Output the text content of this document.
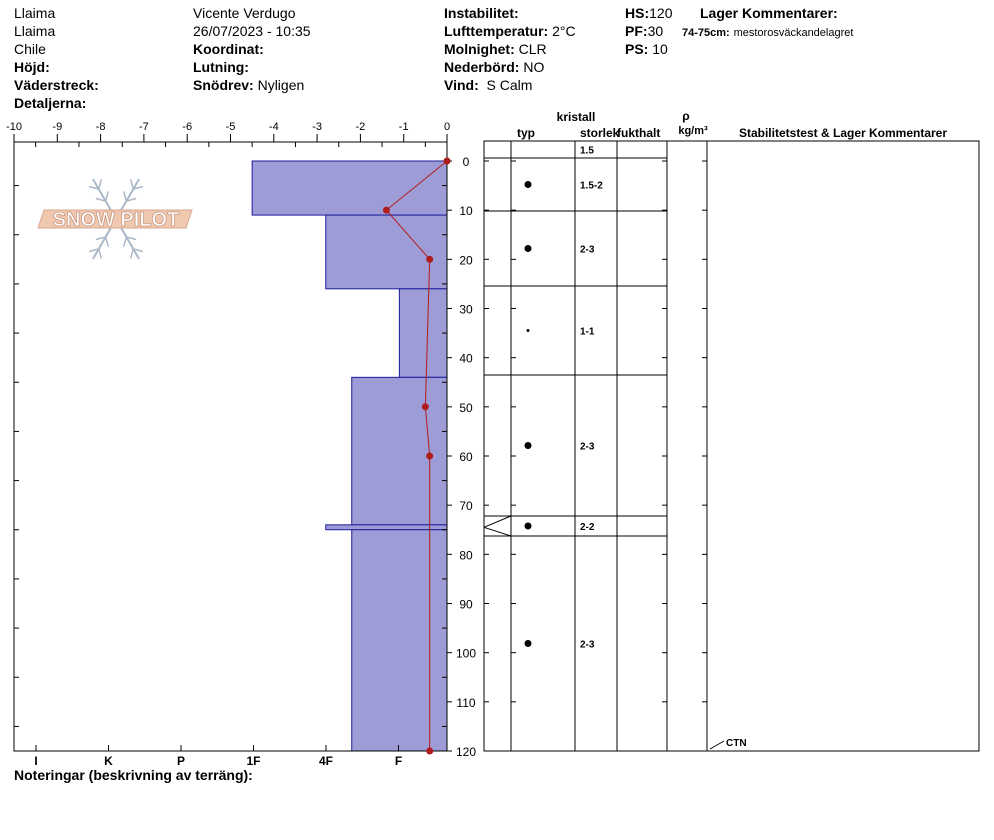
Llaima
Llaima
Chile
Höjd:
Väderstreck:
Detaljerna:
Vicente Verdugo
26/07/2023 - 10:35
Koordinat:
Lutning:
Snödrev: Nyligen
Instabilitet:
Lufttemperatur: 2°C
Molnighet: CLR
Nederbörd: NO
Vind: S Calm
HS:120
PF:30
PS: 10
Lager Kommentarer:
74-75cm: mestorosväckandelagret
Noteringar (beskrivning av terräng):
SNOW PILOT
-10	-9	-8	-7	-6	-5	-4	-3	-2	-1	0
0
10
20
30
40
50
60
70
80
90
100
110
120
I	K	P	1F	4F	F
kristall
typ	storlek
fukthalt
ρ
kg/m³	Stabilitetstest & Lager Kommentarer
1.5
1.5-2
2-3
1-1
2-3
2-2
2-3
CTN
